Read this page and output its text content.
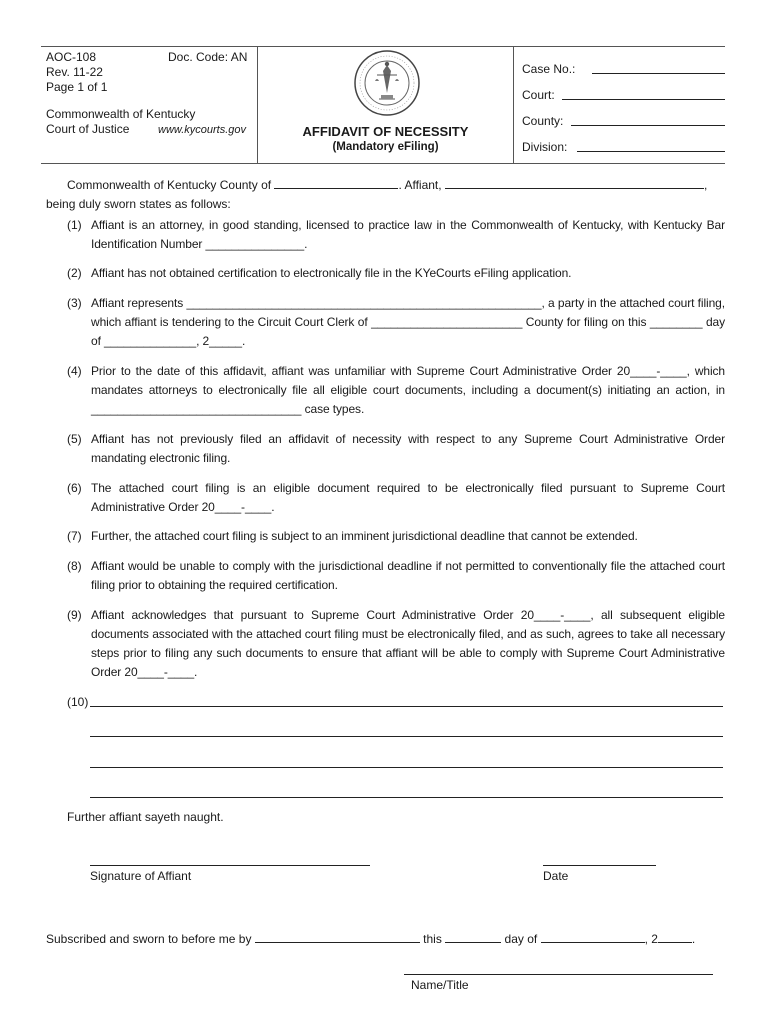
AOC-108	Doc. Code: AN
Rev. 11-22
Page 1 of 1
Commonwealth of Kentucky
Court of Justice	www.kycourts.gov	AFFIDAVIT OF NECESSITY
(Mandatory eFiling)
Case No.:
Court:
County:
Division:
Commonwealth of Kentucky County of	. Affiant,	,
being duly sworn states as follows:
(1) Affiant is an attorney, in good standing, licensed to practice law in the Commonwealth of Kentucky, with Kentucky Bar Identification Number _______________.
(2) Affiant has not obtained certification to electronically file in the KYeCourts eFiling application.
(3) Affiant represents ______________________________________________________, a party in the attached court filing, which affiant is tendering to the Circuit Court Clerk of _______________________ County for filing on this ________ day of ______________, 2_____.
(4) Prior to the date of this affidavit, affiant was unfamiliar with Supreme Court Administrative Order 20____-____, which mandates attorneys to electronically file all eligible court documents, including a document(s) initiating an action, in ________________________________ case types.
(5) Affiant has not previously filed an affidavit of necessity with respect to any Supreme Court Administrative Order mandating electronic filing.
(6) The attached court filing is an eligible document required to be electronically filed pursuant to Supreme Court Administrative Order 20____-____.
(7) Further, the attached court filing is subject to an imminent jurisdictional deadline that cannot be extended.
(8) Affiant would be unable to comply with the jurisdictional deadline if not permitted to conventionally file the attached court filing prior to obtaining the required certification.
(9) Affiant acknowledges that pursuant to Supreme Court Administrative Order 20____-____, all subsequent eligible documents associated with the attached court filing must be electronically filed, and as such, agrees to take all necessary steps prior to filing any such documents to ensure that affiant will be able to comply with Supreme Court Administrative Order 20____-____.
(10)
Further affiant sayeth naught.
Signature of Affiant	Date
Subscribed and sworn to before me by	this	day of	, 2	.
Name/Title
